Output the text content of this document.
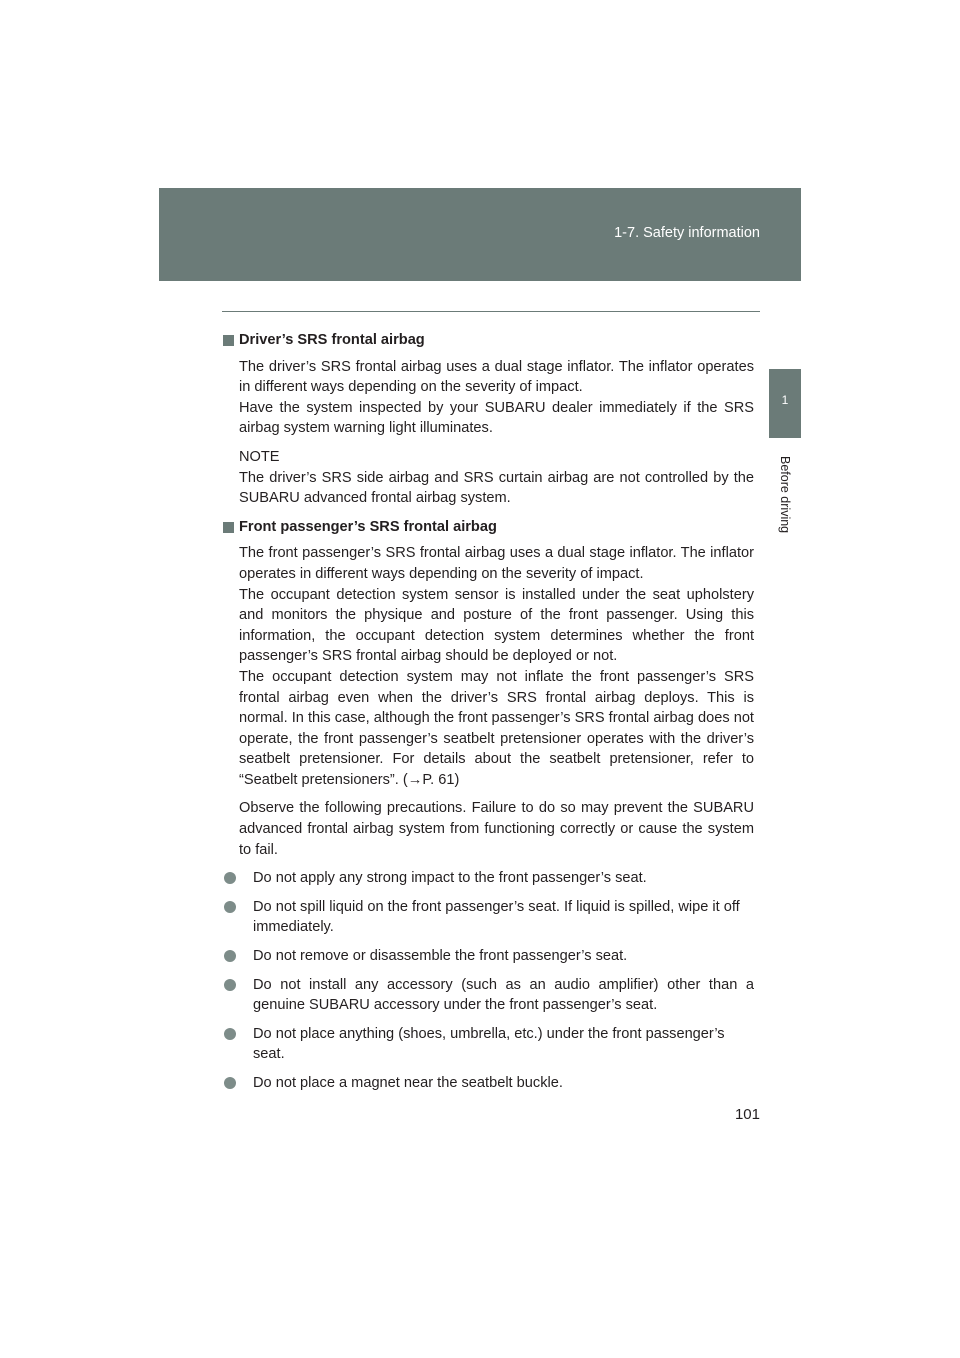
1-7. Safety information
1
Before driving
Driver’s SRS frontal airbag

The driver’s SRS frontal airbag uses a dual stage inflator. The inflator operates in different ways depending on the severity of impact.

Have the system inspected by your SUBARU dealer immediately if the SRS airbag system warning light illuminates.

NOTE

The driver’s SRS side airbag and SRS curtain airbag are not controlled by the SUBARU advanced frontal airbag system.

Front passenger’s SRS frontal airbag

The front passenger’s SRS frontal airbag uses a dual stage inflator. The inflator operates in different ways depending on the severity of impact.

The occupant detection system sensor is installed under the seat upholstery and monitors the physique and posture of the front passenger. Using this information, the occupant detection system determines whether the front passenger’s SRS frontal airbag should be deployed or not.

The occupant detection system may not inflate the front passenger’s SRS frontal airbag even when the driver’s SRS frontal airbag deploys. This is normal. In this case, although the front passenger’s SRS frontal airbag does not operate, the front passenger’s seatbelt pretensioner operates with the driver’s seatbelt pretensioner. For details about the seatbelt pretensioner, refer to “Seatbelt pretensioners”. (→P. 61)

Observe the following precautions. Failure to do so may prevent the SUBARU advanced frontal airbag system from functioning correctly or cause the system to fail.

Do not apply any strong impact to the front passenger’s seat.
Do not spill liquid on the front passenger’s seat. If liquid is spilled, wipe it off immediately.
Do not remove or disassemble the front passenger’s seat.
Do not install any accessory (such as an audio amplifier) other than a genuine SUBARU accessory under the front passenger’s seat.
Do not place anything (shoes, umbrella, etc.) under the front passenger’s seat.
Do not place a magnet near the seatbelt buckle.
101
